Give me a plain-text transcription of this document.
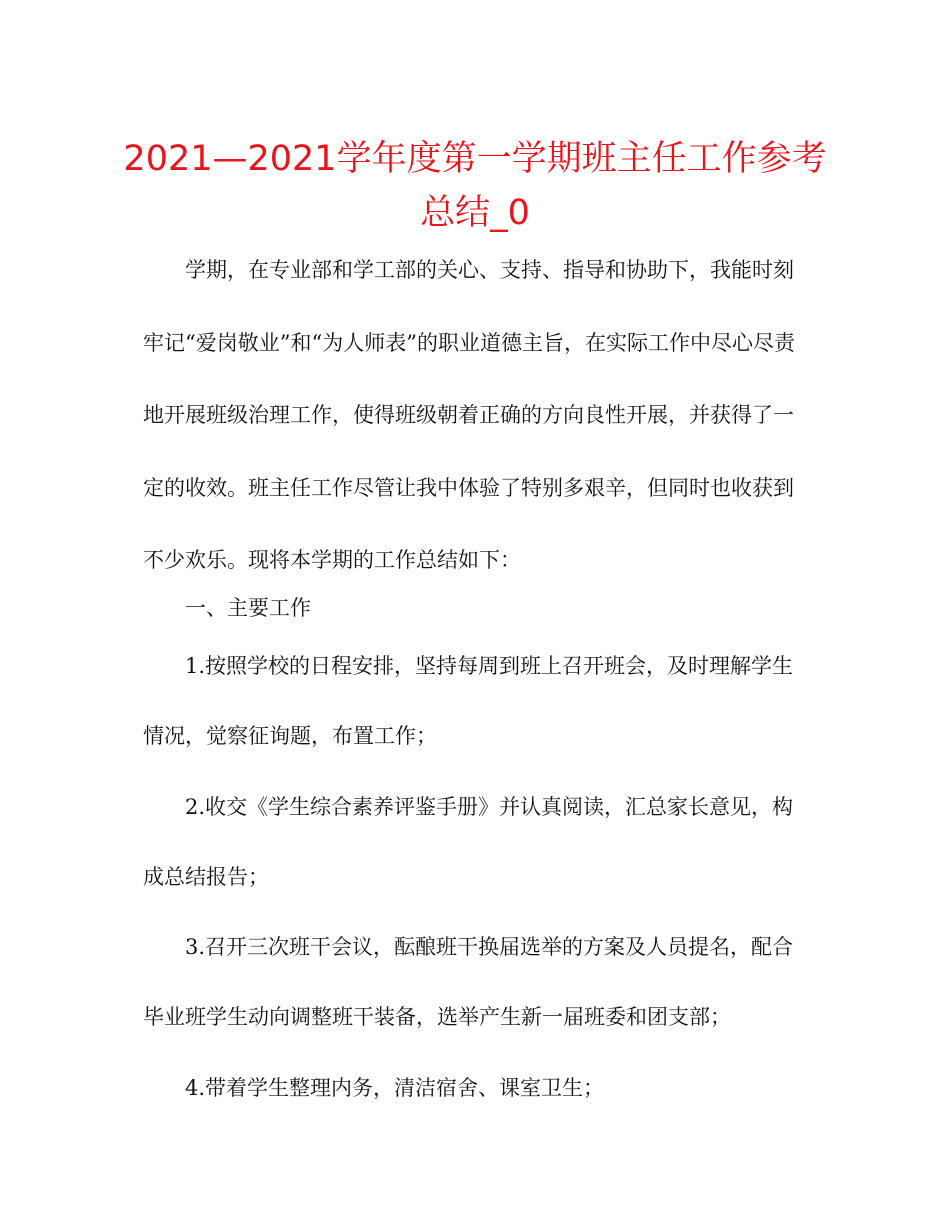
2021—2021学年度第一学期班主任工作参考总结_0

学期，在专业部和学工部的关心、支持、指导和协助下，我能时刻牢记“爱岗敬业”和“为人师表”的职业道德主旨，在实际工作中尽心尽责地开展班级治理工作，使得班级朝着正确的方向良性开展，并获得了一定的收效。班主任工作尽管让我中体验了特别多艰辛，但同时也收获到不少欢乐。现将本学期的工作总结如下：

一、主要工作

1.按照学校的日程安排，坚持每周到班上召开班会，及时理解学生情况，觉察征询题，布置工作；

2.收交《学生综合素养评鉴手册》并认真阅读，汇总家长意见，构成总结报告；

3.召开三次班干会议，酝酿班干换届选举的方案及人员提名，配合毕业班学生动向调整班干装备，选举产生新一届班委和团支部；

4.带着学生整理内务，清洁宿舍、课室卫生；
